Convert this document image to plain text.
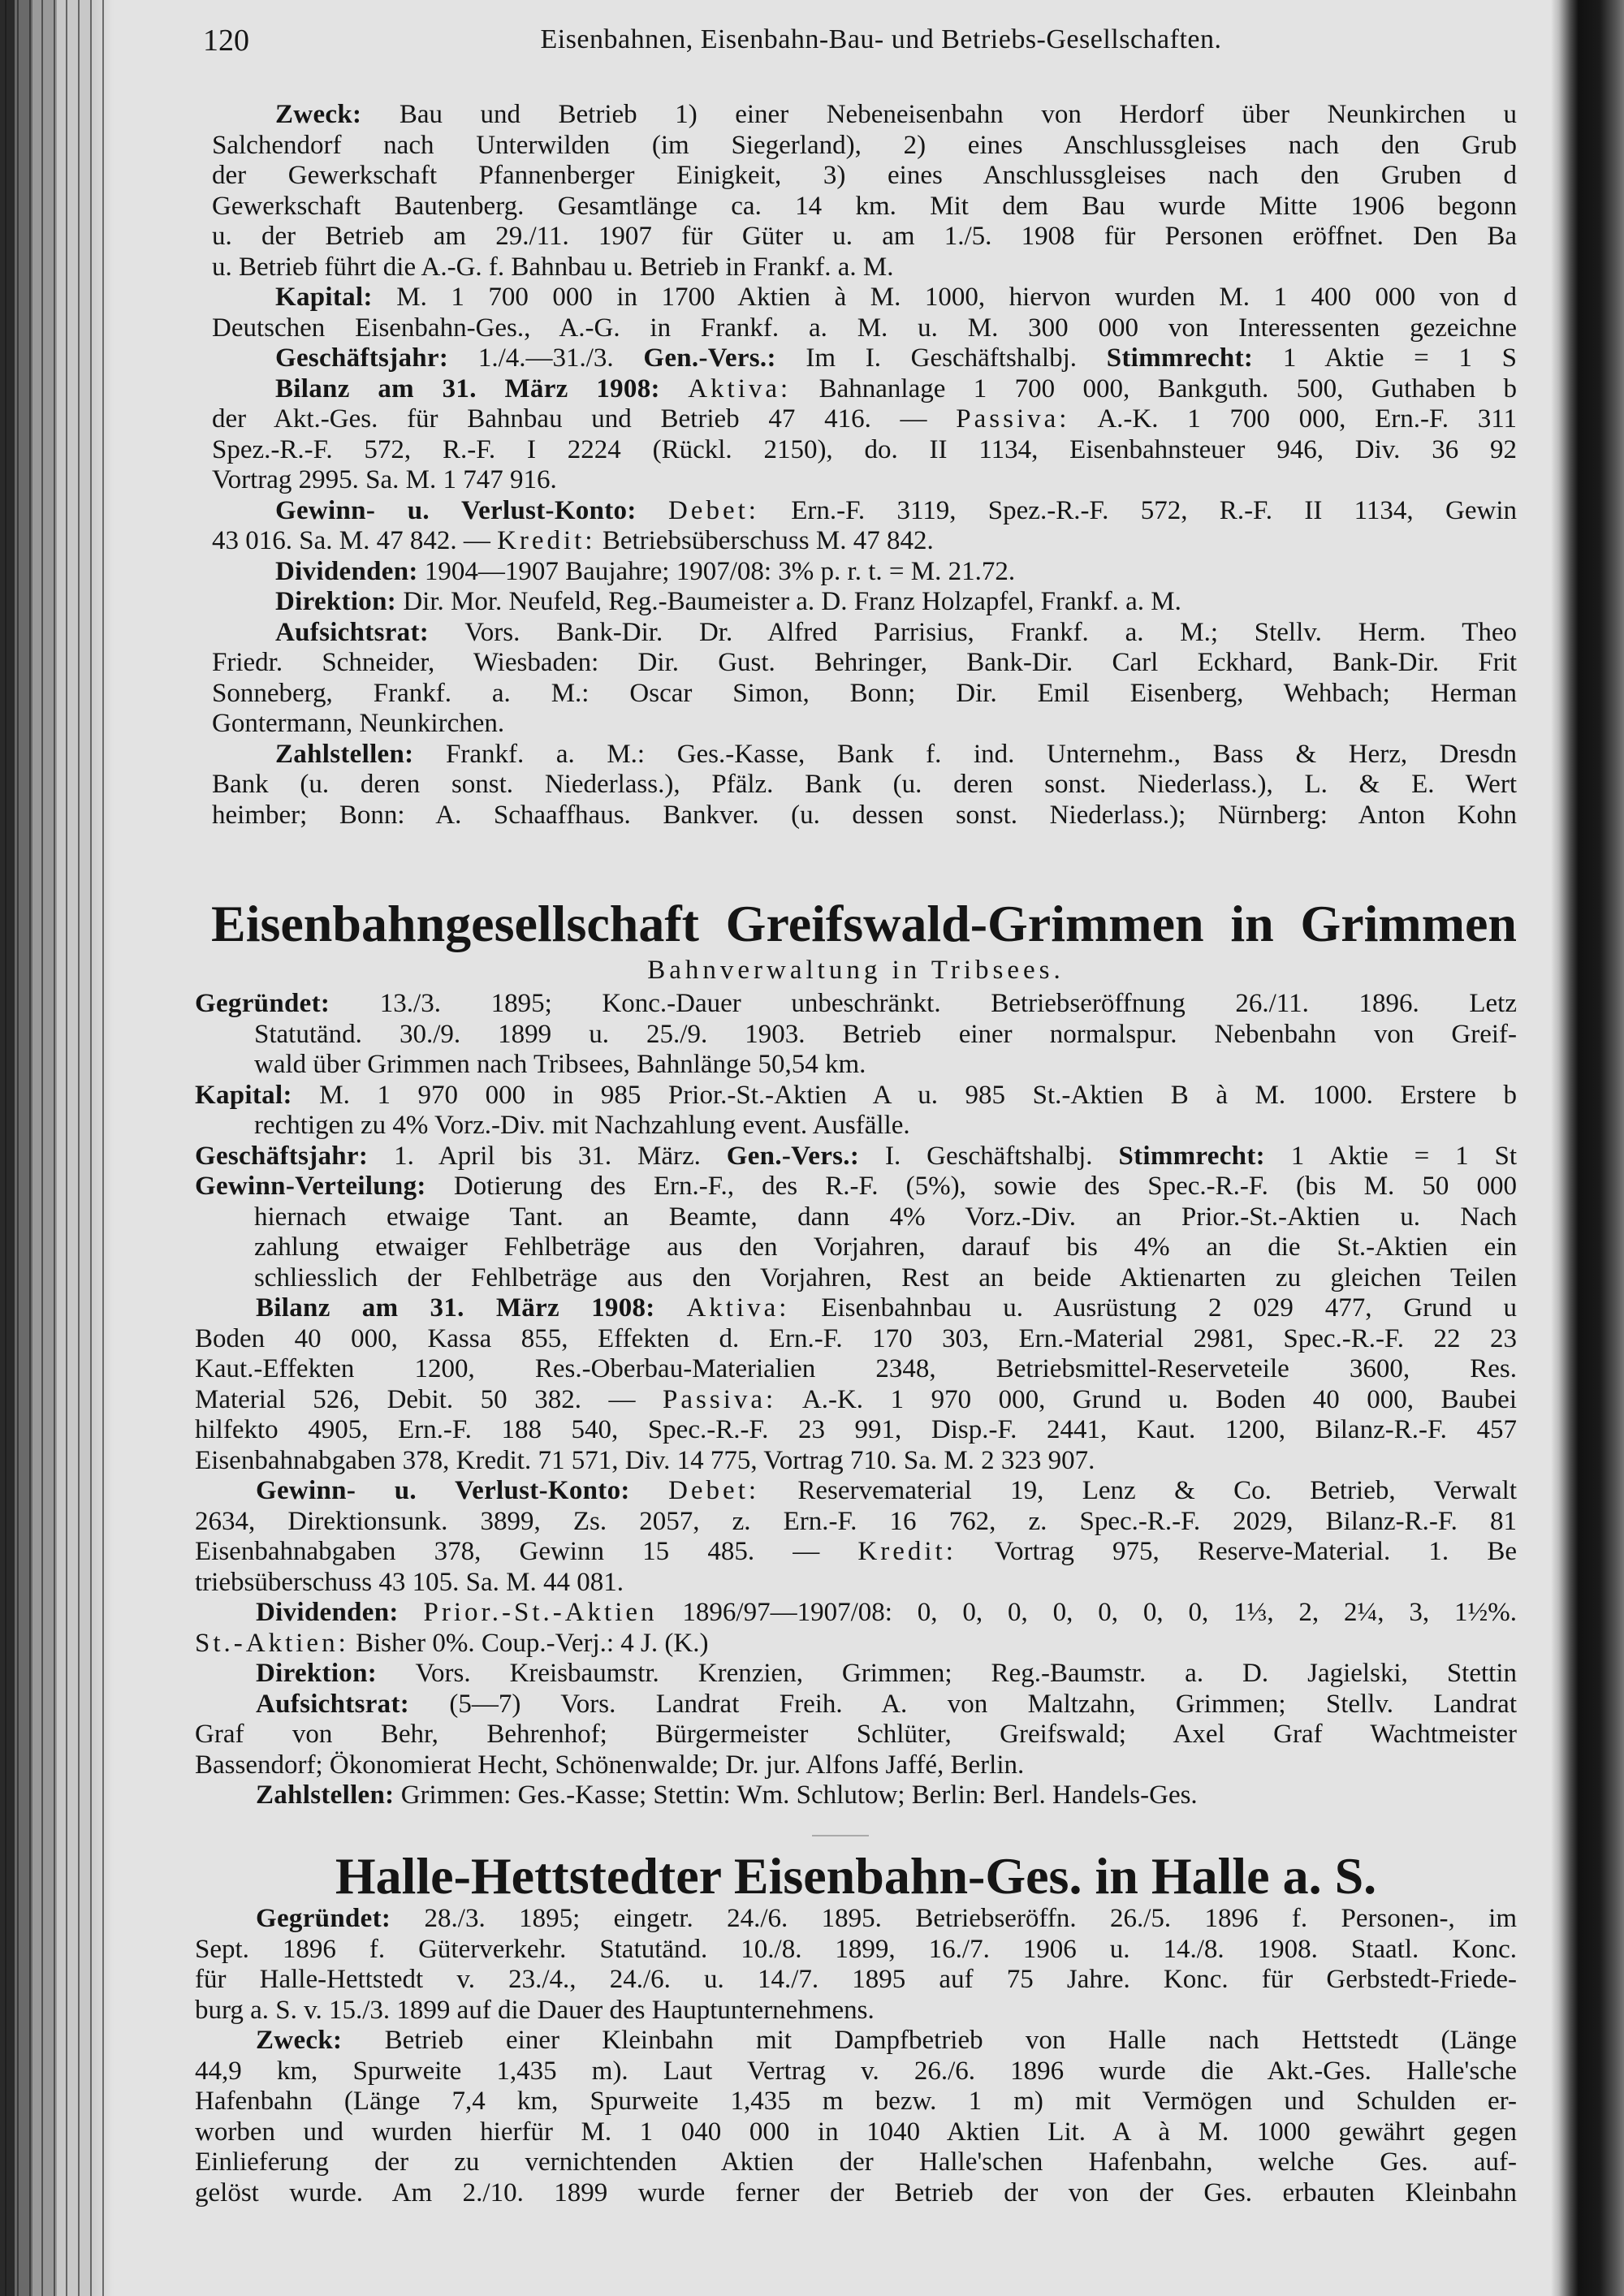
120	Eisenbahnen, Eisenbahn-Bau- und Betriebs-Gesellschaften.
Zweck: Bau und Betrieb 1) einer Nebeneisenbahn von Herdorf über Neunkirchen u
Salchendorf nach Unterwilden (im Siegerland), 2) eines Anschlussgleises nach den Grub
der Gewerkschaft Pfannenberger Einigkeit, 3) eines Anschlussgleises nach den Gruben d
Gewerkschaft Bautenberg. Gesamtlänge ca. 14 km. Mit dem Bau wurde Mitte 1906 begonn
u. der Betrieb am 29./11. 1907 für Güter u. am 1./5. 1908 für Personen eröffnet. Den Ba
u. Betrieb führt die A.-G. f. Bahnbau u. Betrieb in Frankf. a. M.
Kapital: M. 1 700 000 in 1700 Aktien à M. 1000, hiervon wurden M. 1 400 000 von d
Deutschen Eisenbahn-Ges., A.-G. in Frankf. a. M. u. M. 300 000 von Interessenten gezeichne
Geschäftsjahr: 1./4.—31./3. Gen.-Vers.: Im I. Geschäftshalbj. Stimmrecht: 1 Aktie = 1 S
Bilanz am 31. März 1908: Aktiva: Bahnanlage 1 700 000, Bankguth. 500, Guthaben b
der Akt.-Ges. für Bahnbau und Betrieb 47 416. — Passiva: A.-K. 1 700 000, Ern.-F. 311
Spez.-R.-F. 572, R.-F. I 2224 (Rückl. 2150), do. II 1134, Eisenbahnsteuer 946, Div. 36 92
Vortrag 2995. Sa. M. 1 747 916.
Gewinn- u. Verlust-Konto: Debet: Ern.-F. 3119, Spez.-R.-F. 572, R.-F. II 1134, Gewin
43 016. Sa. M. 47 842. — Kredit: Betriebsüberschuss M. 47 842.
Dividenden: 1904—1907 Baujahre; 1907/08: 3% p. r. t. = M. 21.72.
Direktion: Dir. Mor. Neufeld, Reg.-Baumeister a. D. Franz Holzapfel, Frankf. a. M.
Aufsichtsrat: Vors. Bank-Dir. Dr. Alfred Parrisius, Frankf. a. M.; Stellv. Herm. Theo
Friedr. Schneider, Wiesbaden: Dir. Gust. Behringer, Bank-Dir. Carl Eckhard, Bank-Dir. Frit
Sonneberg, Frankf. a. M.: Oscar Simon, Bonn; Dir. Emil Eisenberg, Wehbach; Herman
Gontermann, Neunkirchen.
Zahlstellen: Frankf. a. M.: Ges.-Kasse, Bank f. ind. Unternehm., Bass & Herz, Dresdn
Bank (u. deren sonst. Niederlass.), Pfälz. Bank (u. deren sonst. Niederlass.), L. & E. Wert
heimber; Bonn: A. Schaaffhaus. Bankver. (u. dessen sonst. Niederlass.); Nürnberg: Anton Kohn
Eisenbahngesellschaft Greifswald-Grimmen in Grimmen
Bahnverwaltung in Tribsees.
Gegründet: 13./3. 1895; Konc.-Dauer unbeschränkt. Betriebseröffnung 26./11. 1896. Letz
Statutänd. 30./9. 1899 u. 25./9. 1903. Betrieb einer normalspur. Nebenbahn von Greif-
wald über Grimmen nach Tribsees, Bahnlänge 50,54 km.
Kapital: M. 1 970 000 in 985 Prior.-St.-Aktien A u. 985 St.-Aktien B à M. 1000. Erstere b
rechtigen zu 4% Vorz.-Div. mit Nachzahlung event. Ausfälle.
Geschäftsjahr: 1. April bis 31. März. Gen.-Vers.: I. Geschäftshalbj. Stimmrecht: 1 Aktie = 1 St
Gewinn-Verteilung: Dotierung des Ern.-F., des R.-F. (5%), sowie des Spec.-R.-F. (bis M. 50 000
hiernach etwaige Tant. an Beamte, dann 4% Vorz.-Div. an Prior.-St.-Aktien u. Nach
zahlung etwaiger Fehlbeträge aus den Vorjahren, darauf bis 4% an die St.-Aktien ein
schliesslich der Fehlbeträge aus den Vorjahren, Rest an beide Aktienarten zu gleichen Teilen
Bilanz am 31. März 1908: Aktiva: Eisenbahnbau u. Ausrüstung 2 029 477, Grund u
Boden 40 000, Kassa 855, Effekten d. Ern.-F. 170 303, Ern.-Material 2981, Spec.-R.-F. 22 23
Kaut.-Effekten 1200, Res.-Oberbau-Materialien 2348, Betriebsmittel-Reserveteile 3600, Res.
Material 526, Debit. 50 382. — Passiva: A.-K. 1 970 000, Grund u. Boden 40 000, Baubei
hilfekto 4905, Ern.-F. 188 540, Spec.-R.-F. 23 991, Disp.-F. 2441, Kaut. 1200, Bilanz-R.-F. 457
Eisenbahnabgaben 378, Kredit. 71 571, Div. 14 775, Vortrag 710. Sa. M. 2 323 907.
Gewinn- u. Verlust-Konto: Debet: Reservematerial 19, Lenz & Co. Betrieb, Verwalt
2634, Direktionsunk. 3899, Zs. 2057, z. Ern.-F. 16 762, z. Spec.-R.-F. 2029, Bilanz-R.-F. 81
Eisenbahnabgaben 378, Gewinn 15 485. — Kredit: Vortrag 975, Reserve-Material. 1. Be
triebsüberschuss 43 105. Sa. M. 44 081.
Dividenden: Prior.-St.-Aktien 1896/97—1907/08: 0, 0, 0, 0, 0, 0, 0, 1⅓, 2, 2¼, 3, 1½%.
St.-Aktien: Bisher 0%. Coup.-Verj.: 4 J. (K.)
Direktion: Vors. Kreisbaumstr. Krenzien, Grimmen; Reg.-Baumstr. a. D. Jagielski, Stettin
Aufsichtsrat: (5—7) Vors. Landrat Freih. A. von Maltzahn, Grimmen; Stellv. Landrat
Graf von Behr, Behrenhof; Bürgermeister Schlüter, Greifswald; Axel Graf Wachtmeister
Bassendorf; Ökonomierat Hecht, Schönenwalde; Dr. jur. Alfons Jaffé, Berlin.
Zahlstellen: Grimmen: Ges.-Kasse; Stettin: Wm. Schlutow; Berlin: Berl. Handels-Ges.
Halle-Hettstedter Eisenbahn-Ges. in Halle a. S.
Gegründet: 28./3. 1895; eingetr. 24./6. 1895. Betriebseröffn. 26./5. 1896 f. Personen-, im
Sept. 1896 f. Güterverkehr. Statutänd. 10./8. 1899, 16./7. 1906 u. 14./8. 1908. Staatl. Konc.
für Halle-Hettstedt v. 23./4., 24./6. u. 14./7. 1895 auf 75 Jahre. Konc. für Gerbstedt-Friede-
burg a. S. v. 15./3. 1899 auf die Dauer des Hauptunternehmens.
Zweck: Betrieb einer Kleinbahn mit Dampfbetrieb von Halle nach Hettstedt (Länge
44,9 km, Spurweite 1,435 m). Laut Vertrag v. 26./6. 1896 wurde die Akt.-Ges. Halle'sche
Hafenbahn (Länge 7,4 km, Spurweite 1,435 m bezw. 1 m) mit Vermögen und Schulden er-
worben und wurden hierfür M. 1 040 000 in 1040 Aktien Lit. A à M. 1000 gewährt gegen
Einlieferung der zu vernichtenden Aktien der Halle'schen Hafenbahn, welche Ges. auf-
gelöst wurde. Am 2./10. 1899 wurde ferner der Betrieb der von der Ges. erbauten Kleinbahn
